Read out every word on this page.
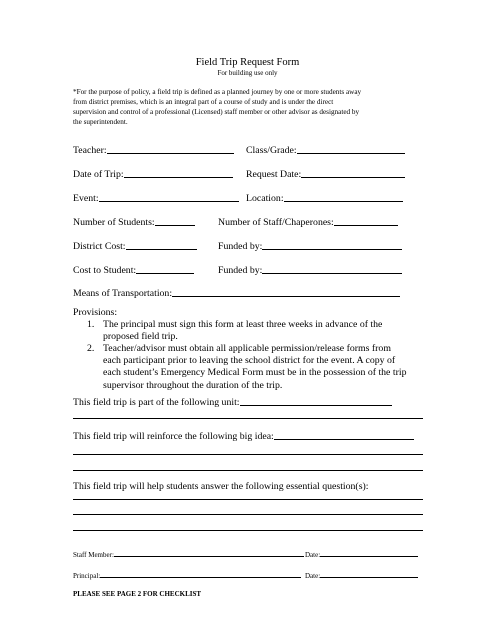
Field Trip Request Form
For building use only
*For the purpose of policy, a field trip is defined as a planned journey by one or more students away
from district premises, which is an integral part of a course of study and is under the direct
supervision and control of a professional (Licensed) staff member or other advisor as designated by
the superintendent.
Teacher:	Class/Grade:
Date of Trip:	Request Date:
Event:	Location:
Number of Students:	Number of Staff/Chaperones:
District Cost:	Funded by:
Cost to Student:	Funded by:
Means of Transportation:
Provisions:
1. The principal must sign this form at least three weeks in advance of the
proposed field trip.
2. Teacher/advisor must obtain all applicable permission/release forms from
each participant prior to leaving the school district for the event. A copy of
each student’s Emergency Medical Form must be in the possession of the trip
supervisor throughout the duration of the trip.
This field trip is part of the following unit:
This field trip will reinforce the following big idea:
This field trip will help students answer the following essential question(s):
Staff Member:	Date:
Principal:	Date:
PLEASE SEE PAGE 2 FOR CHECKLIST
